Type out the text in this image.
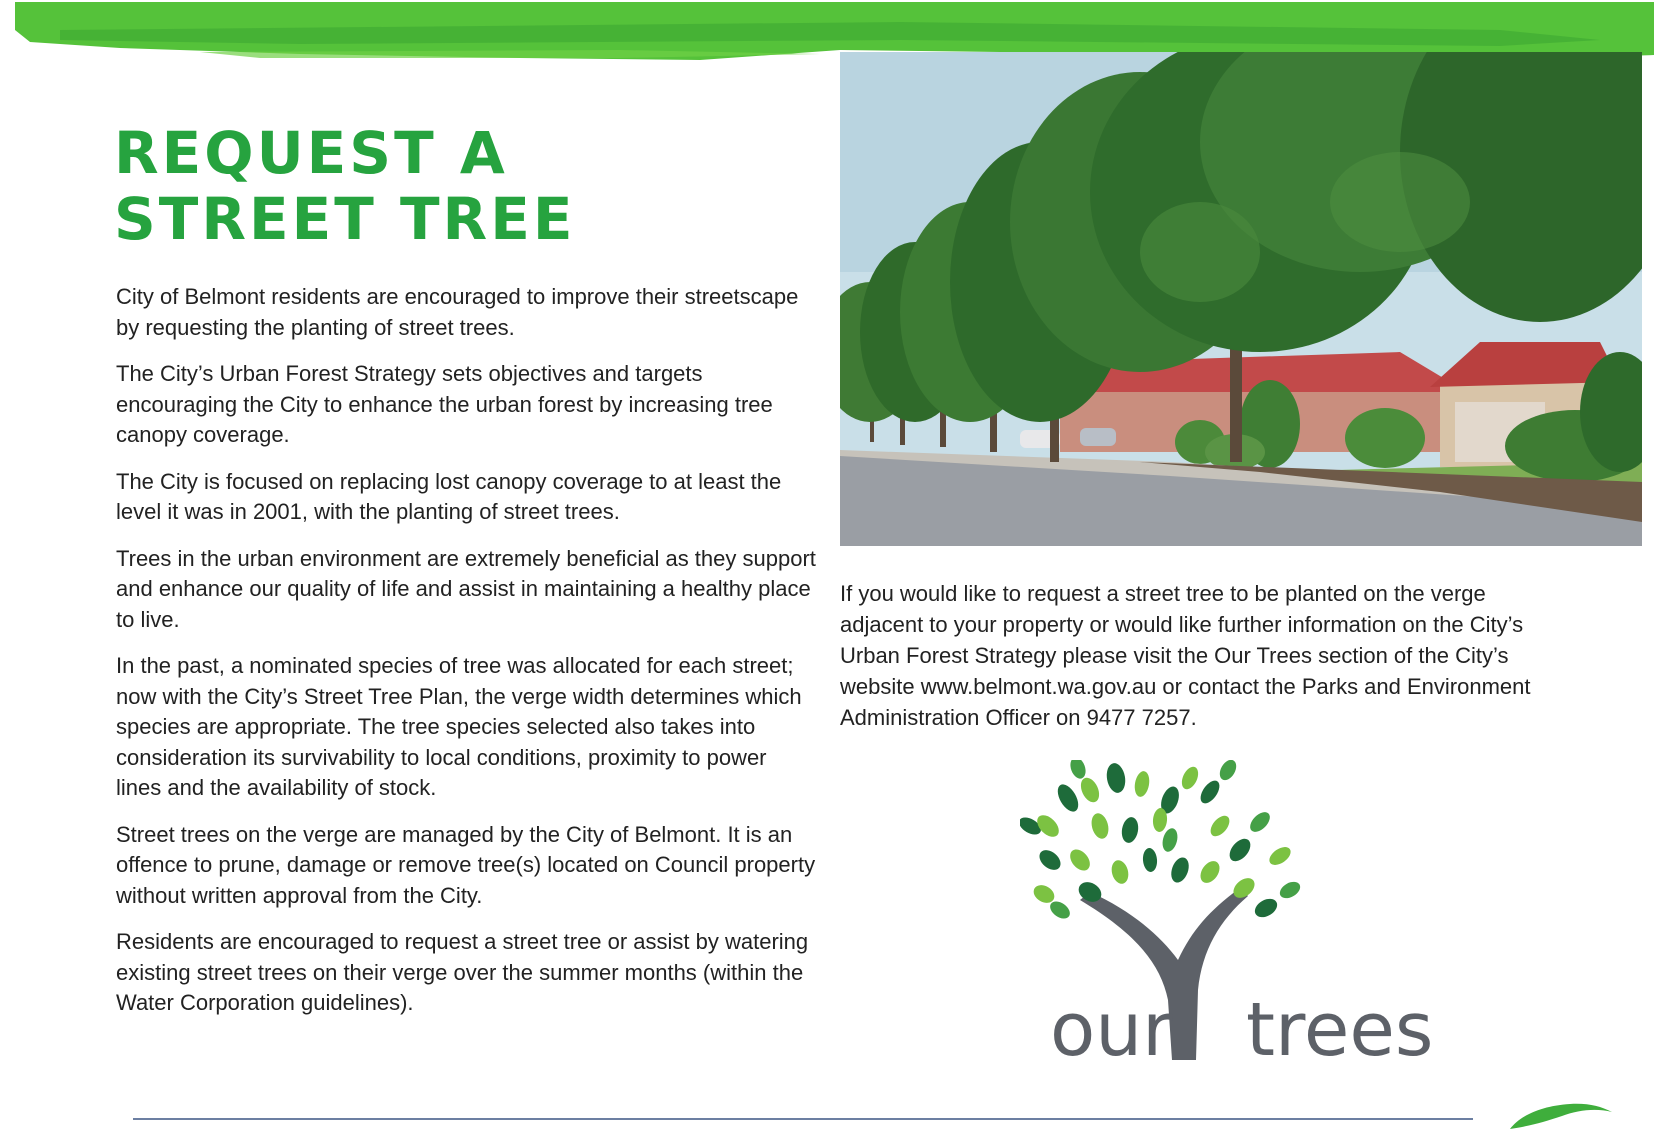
REQUEST A
STREET TREE

City of Belmont residents are encouraged to improve their streetscape by requesting the planting of street trees.

The City’s Urban Forest Strategy sets objectives and targets encouraging the City to enhance the urban forest by increasing tree canopy coverage.

The City is focused on replacing lost canopy coverage to at least the level it was in 2001, with the planting of street trees.

Trees in the urban environment are extremely beneficial as they support and enhance our quality of life and assist in maintaining a healthy place to live.

In the past, a nominated species of tree was allocated for each street; now with the City’s Street Tree Plan, the verge width determines which species are appropriate. The tree species selected also takes into consideration its survivability to local conditions, proximity to power lines and the availability of stock.

Street trees on the verge are managed by the City of Belmont. It is an offence to prune, damage or remove tree(s) located on Council property without written approval from the City.

Residents are encouraged to request a street tree or assist by watering existing street trees on their verge over the summer months (within the Water Corporation guidelines).

If you would like to request a street tree to be planted on the verge adjacent to your property or would like further information on the City’s Urban Forest Strategy please visit the Our Trees section of the City’s website www.belmont.wa.gov.au or contact the Parks and Environment Administration Officer on 9477 7257.

our trees
